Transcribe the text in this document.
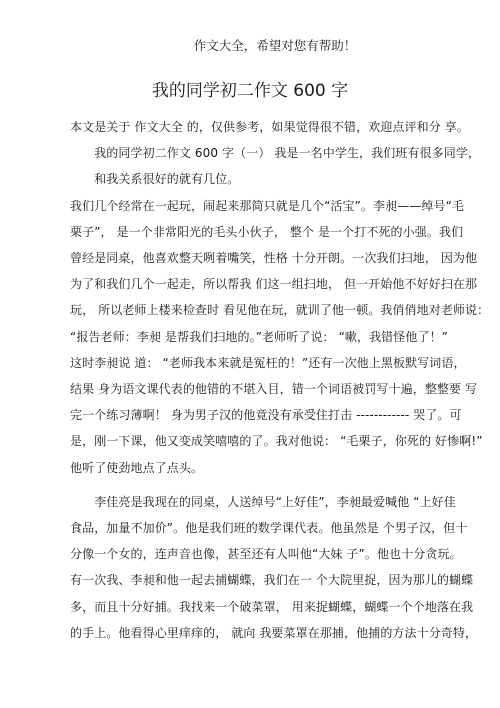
作文大全，希望对您有帮助！
我的同学初二作文 600 字
本文是关于 作文大全 的，仅供参考，如果觉得很不错，欢迎点评和分 享。
　　我的同学初二作文 600 字（一） 我是一名中学生，我们班有很多同学，
　　和我关系很好的就有几位。
我们几个经常在一起玩，闹起来那简只就是几个“活宝”。李昶——绰号“毛
栗子”， 是一个非常阳光的毛头小伙子， 整个 是一个打不死的小强。我们
曾经是同桌，他喜欢整天咧着嘴笑，性格 十分开朗。一次我们扫地， 因为他
为了和我们几个一起走，所以帮我 们这一组扫地， 但一开始他不好好扫在那
玩， 所以老师上楼来检查时 看见他在玩，就训了他一顿。我俏俏地对老师说：
“报告老师：李昶 是帮我们扫地的。”老师听了说： “嗽，我错怪他了！”
这时李昶说 道： “老师我本来就是冤枉的！”还有一次他上黑板默写词语，
结果 身为语文课代表的他错的不堪入目，错一个词语被罚写十遍，整整要 写
完一个练习薄啊！ 身为男子汉的他竟没有承受住打击 ------------ 哭了。可
是，刚一下课，他又变成笑嘻嘻的了。我对他说： “毛栗子，你死的 好惨啊!”
他听了使劲地点了点头。
　　李佳亮是我现在的同桌，人送绰号“上好佳”，李昶最爱喊他 “上好佳
食品，加量不加价”。他是我们班的数学课代表。他虽然是 个男子汉，但十
分像一个女的，连声音也像，甚至还有人叫他“大妹 子”。他也十分贪玩。
有一次我、李昶和他一起去捕蝴蝶，我们在一 个大院里捉，因为那儿的蝴蝶
多，而且十分好捕。我找来一个破菜罩， 用来捉蝴蝶，蝴蝶一个个地落在我
的手上。他看得心里痒痒的， 就向 我要菜罩在那捕，他捕的方法十分奇特，
